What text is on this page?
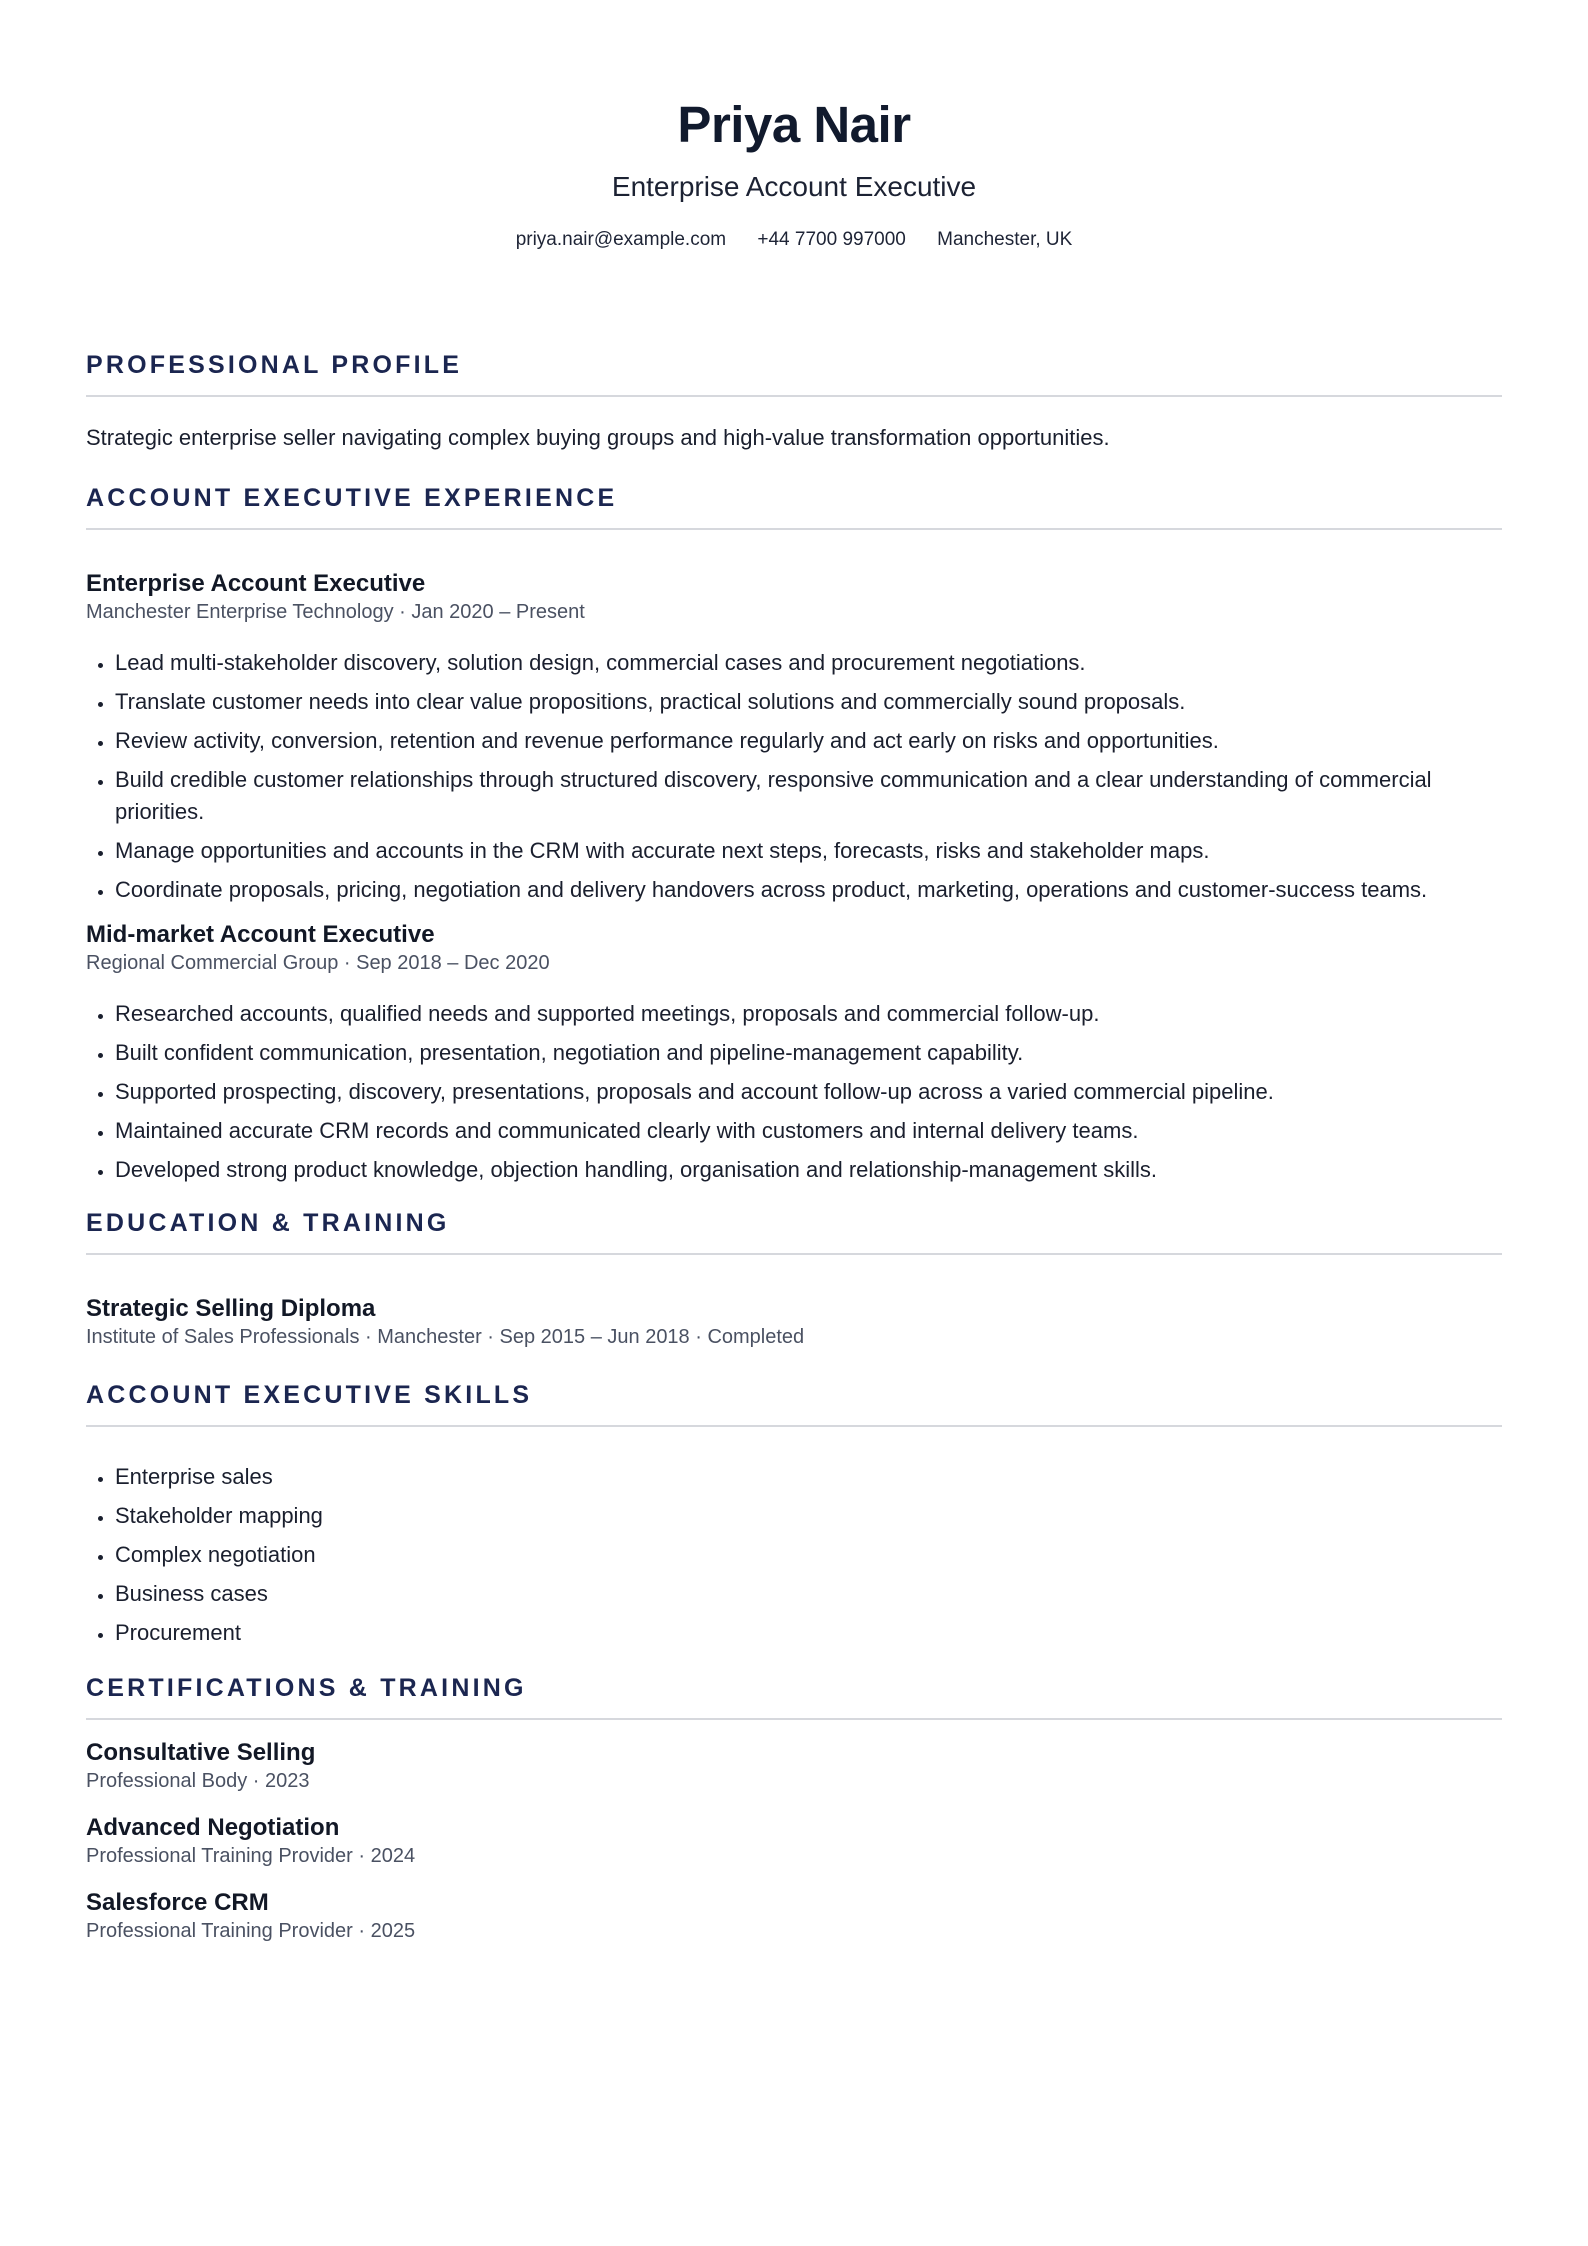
Priya Nair
Enterprise Account Executive
priya.nair@example.com +44 7700 997000 Manchester, UK
PROFESSIONAL PROFILE
Strategic enterprise seller navigating complex buying groups and high-value transformation opportunities.
ACCOUNT EXECUTIVE EXPERIENCE
Enterprise Account Executive
Manchester Enterprise Technology · Jan 2020 – Present
• Lead multi-stakeholder discovery, solution design, commercial cases and procurement negotiations.
• Translate customer needs into clear value propositions, practical solutions and commercially sound proposals.
• Review activity, conversion, retention and revenue performance regularly and act early on risks and opportunities.
• Build credible customer relationships through structured discovery, responsive communication and a clear understanding of commercial priorities.
• Manage opportunities and accounts in the CRM with accurate next steps, forecasts, risks and stakeholder maps.
• Coordinate proposals, pricing, negotiation and delivery handovers across product, marketing, operations and customer-success teams.
Mid-market Account Executive
Regional Commercial Group · Sep 2018 – Dec 2020
• Researched accounts, qualified needs and supported meetings, proposals and commercial follow-up.
• Built confident communication, presentation, negotiation and pipeline-management capability.
• Supported prospecting, discovery, presentations, proposals and account follow-up across a varied commercial pipeline.
• Maintained accurate CRM records and communicated clearly with customers and internal delivery teams.
• Developed strong product knowledge, objection handling, organisation and relationship-management skills.
EDUCATION & TRAINING
Strategic Selling Diploma
Institute of Sales Professionals · Manchester · Sep 2015 – Jun 2018 · Completed
ACCOUNT EXECUTIVE SKILLS
• Enterprise sales
• Stakeholder mapping
• Complex negotiation
• Business cases
• Procurement
CERTIFICATIONS & TRAINING
Consultative Selling
Professional Body · 2023
Advanced Negotiation
Professional Training Provider · 2024
Salesforce CRM
Professional Training Provider · 2025
